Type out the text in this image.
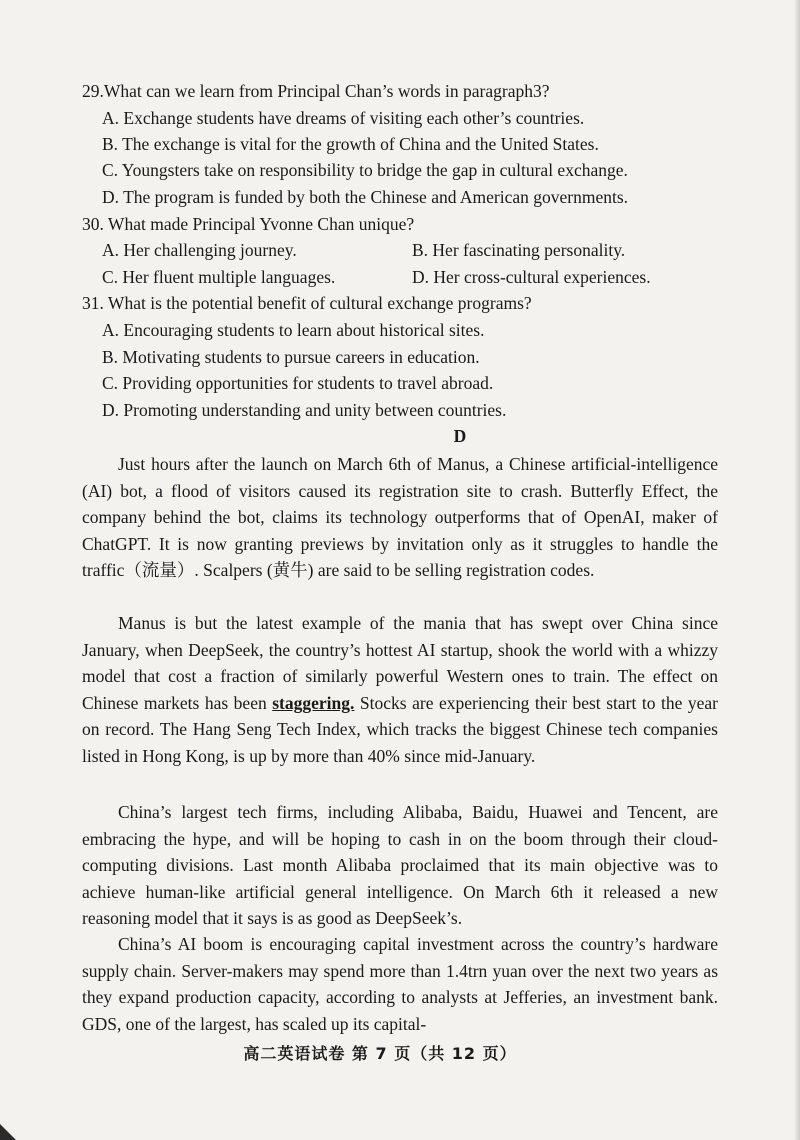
29.What can we learn from Principal Chan’s words in paragraph3?
A. Exchange students have dreams of visiting each other’s countries.
B. The exchange is vital for the growth of China and the United States.
C. Youngsters take on responsibility to bridge the gap in cultural exchange.
D. The program is funded by both the Chinese and American governments.
30. What made Principal Yvonne Chan unique?
A. Her challenging journey.	B. Her fascinating personality.
C. Her fluent multiple languages.	D. Her cross-cultural experiences.
31. What is the potential benefit of cultural exchange programs?
A. Encouraging students to learn about historical sites.
B. Motivating students to pursue careers in education.
C. Providing opportunities for students to travel abroad.
D. Promoting understanding and unity between countries.
D
Just hours after the launch on March 6th of Manus, a Chinese artificial-intelligence (AI) bot, a flood of visitors caused its registration site to crash. Butterfly Effect, the company behind the bot, claims its technology outperforms that of OpenAI, maker of ChatGPT. It is now granting previews by invitation only as it struggles to handle the traffic（流量）. Scalpers (黄牛) are said to be selling registration codes.
Manus is but the latest example of the mania that has swept over China since January, when DeepSeek, the country’s hottest AI startup, shook the world with a whizzy model that cost a fraction of similarly powerful Western ones to train. The effect on Chinese markets has been staggering. Stocks are experiencing their best start to the year on record. The Hang Seng Tech Index, which tracks the biggest Chinese tech companies listed in Hong Kong, is up by more than 40% since mid-January.
China’s largest tech firms, including Alibaba, Baidu, Huawei and Tencent, are embracing the hype, and will be hoping to cash in on the boom through their cloud-computing divisions. Last month Alibaba proclaimed that its main objective was to achieve human-like artificial general intelligence. On March 6th it released a new reasoning model that it says is as good as DeepSeek’s.
China’s AI boom is encouraging capital investment across the country’s hardware supply chain. Server-makers may spend more than 1.4trn yuan over the next two years as they expand production capacity, according to analysts at Jefferies, an investment bank. GDS, one of the largest, has scaled up its capital-
高二英语试卷 第 7 页（共 12 页）
